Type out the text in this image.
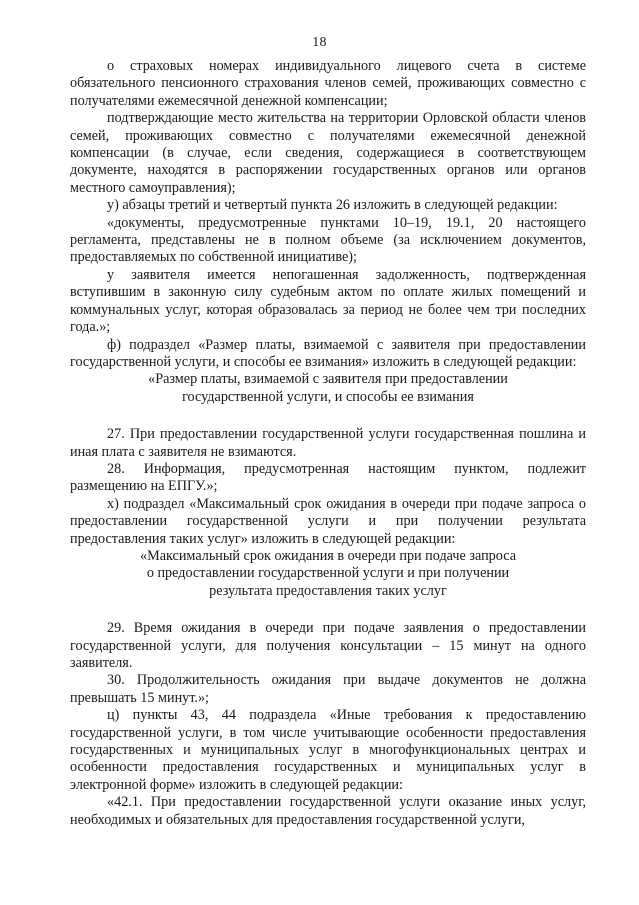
18

о страховых номерах индивидуального лицевого счета в системе обязательного пенсионного страхования членов семей, проживающих совместно с получателями ежемесячной денежной компенсации;

подтверждающие место жительства на территории Орловской области членов семей, проживающих совместно с получателями ежемесячной денежной компенсации (в случае, если сведения, содержащиеся в соответствующем документе, находятся в распоряжении государственных органов или органов местного самоуправления);

у) абзацы третий и четвертый пункта 26 изложить в следующей редакции:

«документы, предусмотренные пунктами 10–19, 19.1, 20 настоящего регламента, представлены не в полном объеме (за исключением документов, предоставляемых по собственной инициативе);

у заявителя имеется непогашенная задолженность, подтвержденная вступившим в законную силу судебным актом по оплате жилых помещений и коммунальных услуг, которая образовалась за период не более чем три последних года.»;

ф) подраздел «Размер платы, взимаемой с заявителя при предоставлении государственной услуги, и способы ее взимания» изложить в следующей редакции:

«Размер платы, взимаемой с заявителя при предоставлении

государственной услуги, и способы ее взимания

27. При предоставлении государственной услуги государственная пошлина и иная плата с заявителя не взимаются.

28. Информация, предусмотренная настоящим пунктом, подлежит размещению на ЕПГУ.»;

х) подраздел «Максимальный срок ожидания в очереди при подаче запроса о предоставлении государственной услуги и при получении результата предоставления таких услуг» изложить в следующей редакции:

«Максимальный срок ожидания в очереди при подаче запроса

о предоставлении государственной услуги и при получении

результата предоставления таких услуг

29. Время ожидания в очереди при подаче заявления о предоставлении государственной услуги, для получения консультации – 15 минут на одного заявителя.

30. Продолжительность ожидания при выдаче документов не должна превышать 15 минут.»;

ц) пункты 43, 44 подраздела «Иные требования к предоставлению государственной услуги, в том числе учитывающие особенности предоставления государственных и муниципальных услуг в многофункциональных центрах и особенности предоставления государственных и муниципальных услуг в электронной форме» изложить в следующей редакции:

«42.1. При предоставлении государственной услуги оказание иных услуг, необходимых и обязательных для предоставления государственной услуги,
